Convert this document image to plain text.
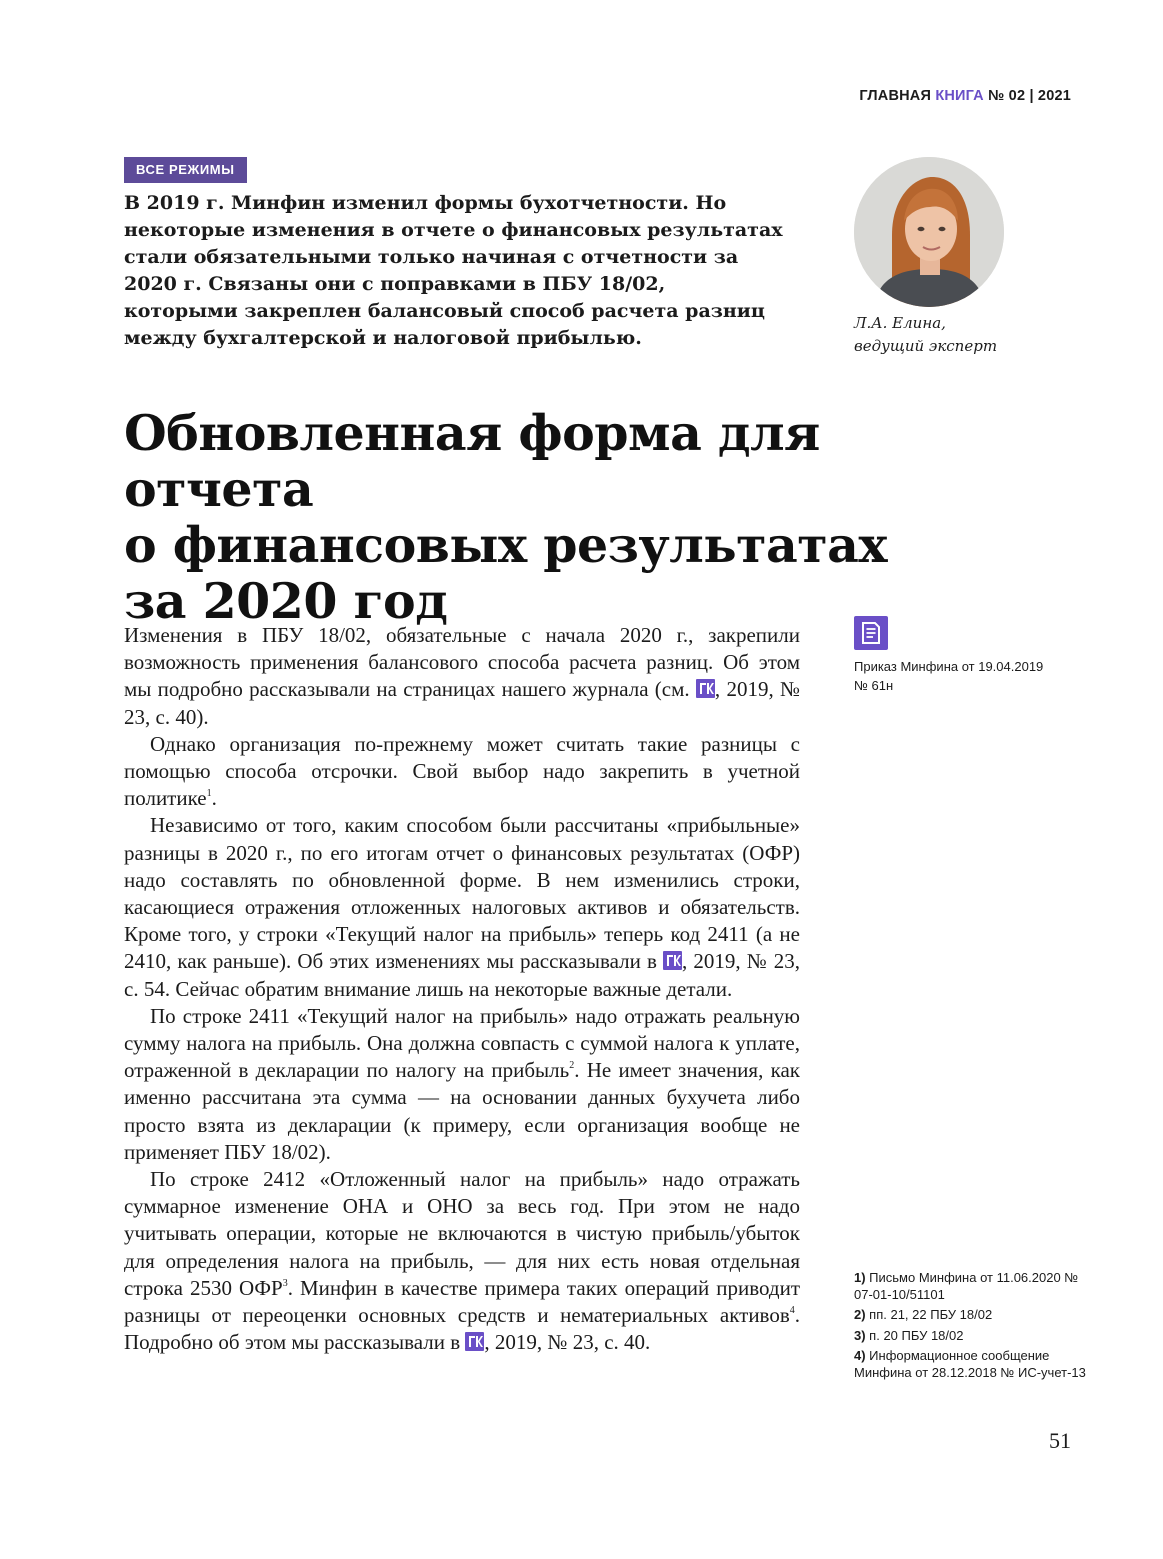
ГЛАВНАЯ КНИГА № 02 | 2021
ВСЕ РЕЖИМЫ

В 2019 г. Минфин изменил формы бухотчетности. Но некоторые изменения в отчете о финансовых результатах стали обязательными только начиная с отчетности за 2020 г. Связаны они с поправками в ПБУ 18/02, которыми закреплен балансовый способ расчета разниц между бухгалтерской и налоговой прибылью.

Л.А. Елина,
ведущий эксперт

Обновленная форма для отчета
о финансовых результатах
за 2020 год

Изменения в ПБУ 18/02, обязательные с начала 2020 г., закрепили возможность применения балансового способа расчета разниц. Об этом мы подробно рассказывали на страницах нашего журнала (см.
, 2019, № 23, с. 40).

Однако организация по-прежнему может считать такие разницы с помощью способа отсрочки. Свой выбор надо закрепить в учетной политике$^1$.

Независимо от того, каким способом были рассчитаны «прибыльные» разницы в 2020 г., по его итогам отчет о финансовых результатах (ОФР) надо составлять по обновленной форме. В нем изменились строки, касающиеся отражения отложенных налоговых активов и обязательств. Кроме того, у строки «Текущий налог на прибыль» теперь код 2411 (а не 2410, как раньше). Об этих изменениях мы рассказывали в
, 2019, № 23, с. 54. Сейчас обратим внимание лишь на некоторые важные детали.

По строке 2411 «Текущий налог на прибыль» надо отражать реальную сумму налога на прибыль. Она должна совпасть с суммой налога к уплате, отраженной в декларации по налогу на прибыль$^2$. Не имеет значения, как именно рассчитана эта сумма — на основании данных бухучета либо просто взята из декларации (к примеру, если организация вообще не применяет ПБУ 18/02).

По строке 2412 «Отложенный налог на прибыль» надо отражать суммарное изменение ОНА и ОНО за весь год. При этом не надо учитывать операции, которые не включаются в чистую прибыль/убыток для определения налога на прибыль, — для них есть новая отдельная строка 2530 ОФР$^3$. Минфин в качестве примера таких операций приводит разницы от переоценки основных средств и нематериальных активов$^4$. Подробно об этом мы рассказывали в
, 2019, № 23, с. 40.

Приказ Минфина от 19.04.2019
№ 61н

1) Письмо Минфина от 11.06.2020 № 07-01-10/51101

2) пп. 21, 22 ПБУ 18/02

3) п. 20 ПБУ 18/02

4) Информационное сообщение Минфина от 28.12.2018 № ИС-учет-13

51
